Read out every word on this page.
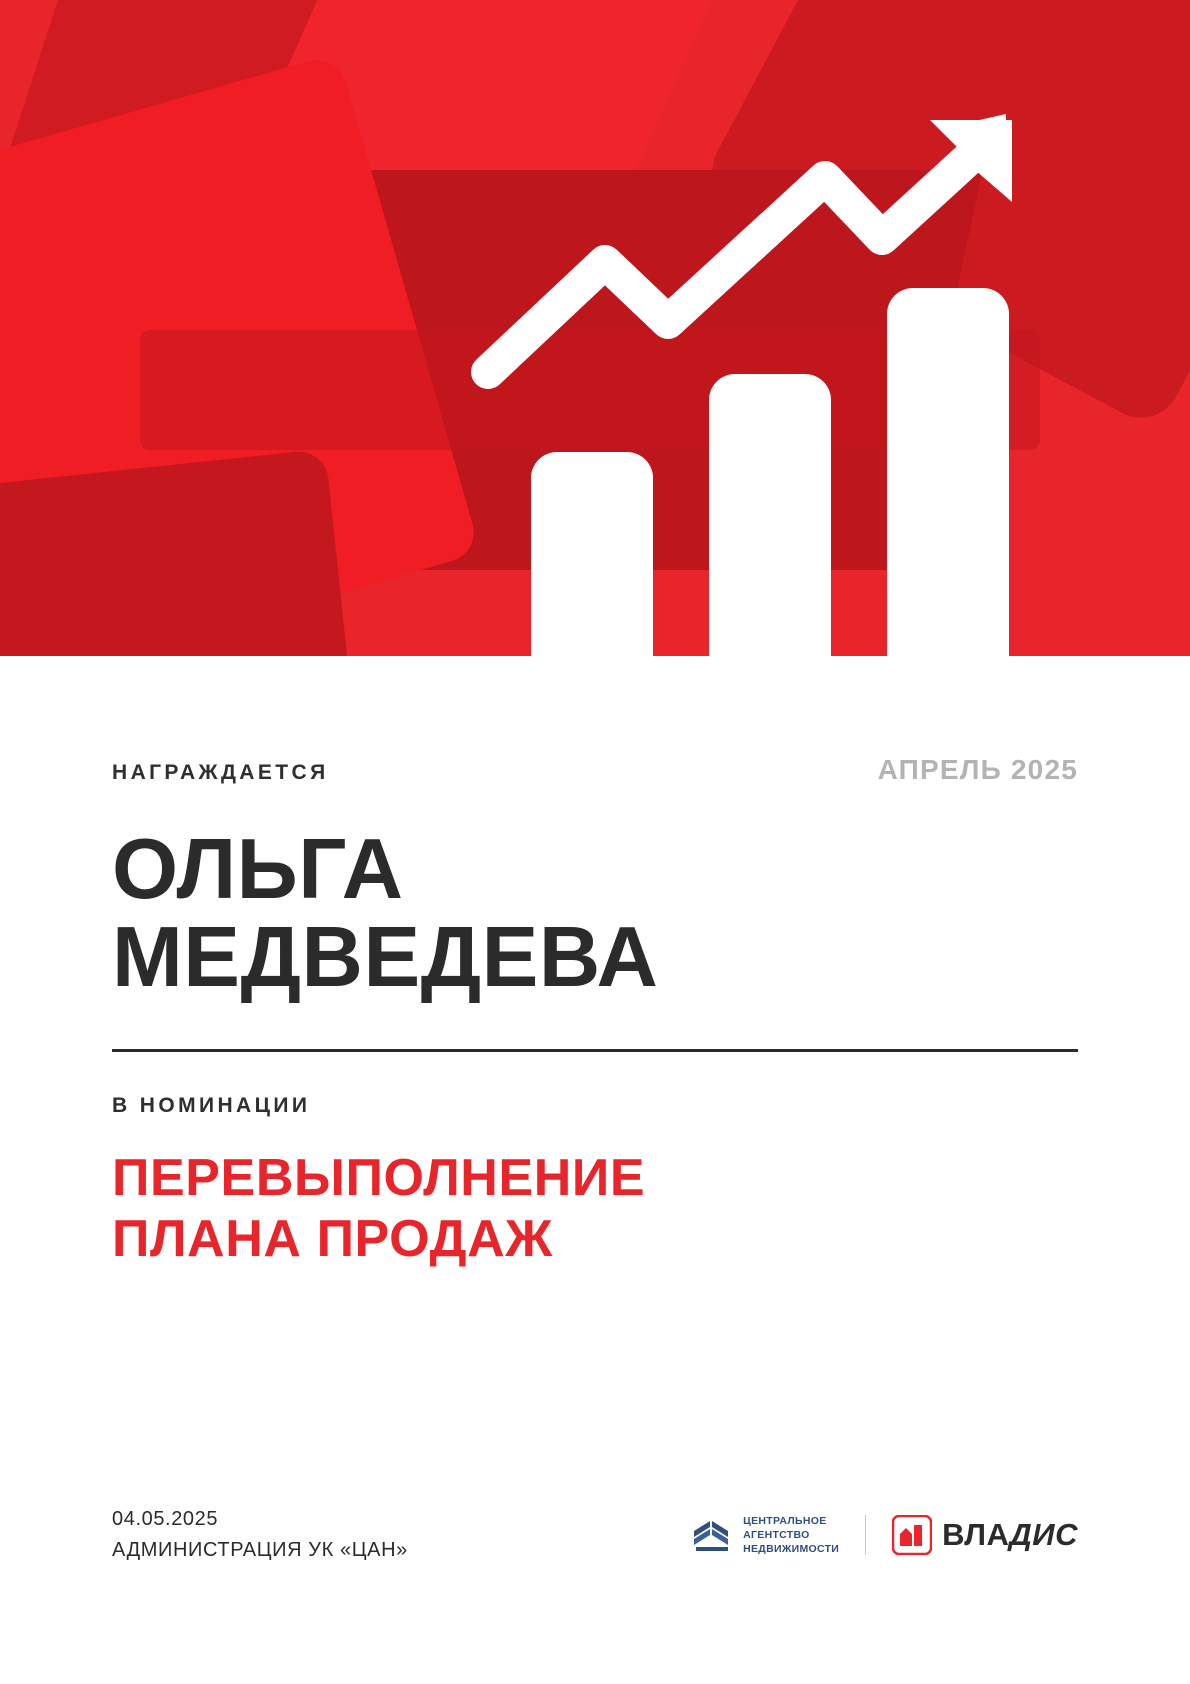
НАГРАЖДАЕТСЯ	АПРЕЛЬ 2025
ОЛЬГА
МЕДВЕДЕВА
В НОМИНАЦИИ
ПЕРЕВЫПОЛНЕНИЕ
ПЛАНА ПРОДАЖ
04.05.2025
АДМИНИСТРАЦИЯ УК «ЦАН»
ЦЕНТРАЛЬНОЕ
АГЕНТСТВО
НЕДВИЖИМОСТИ	ВЛАДИС
